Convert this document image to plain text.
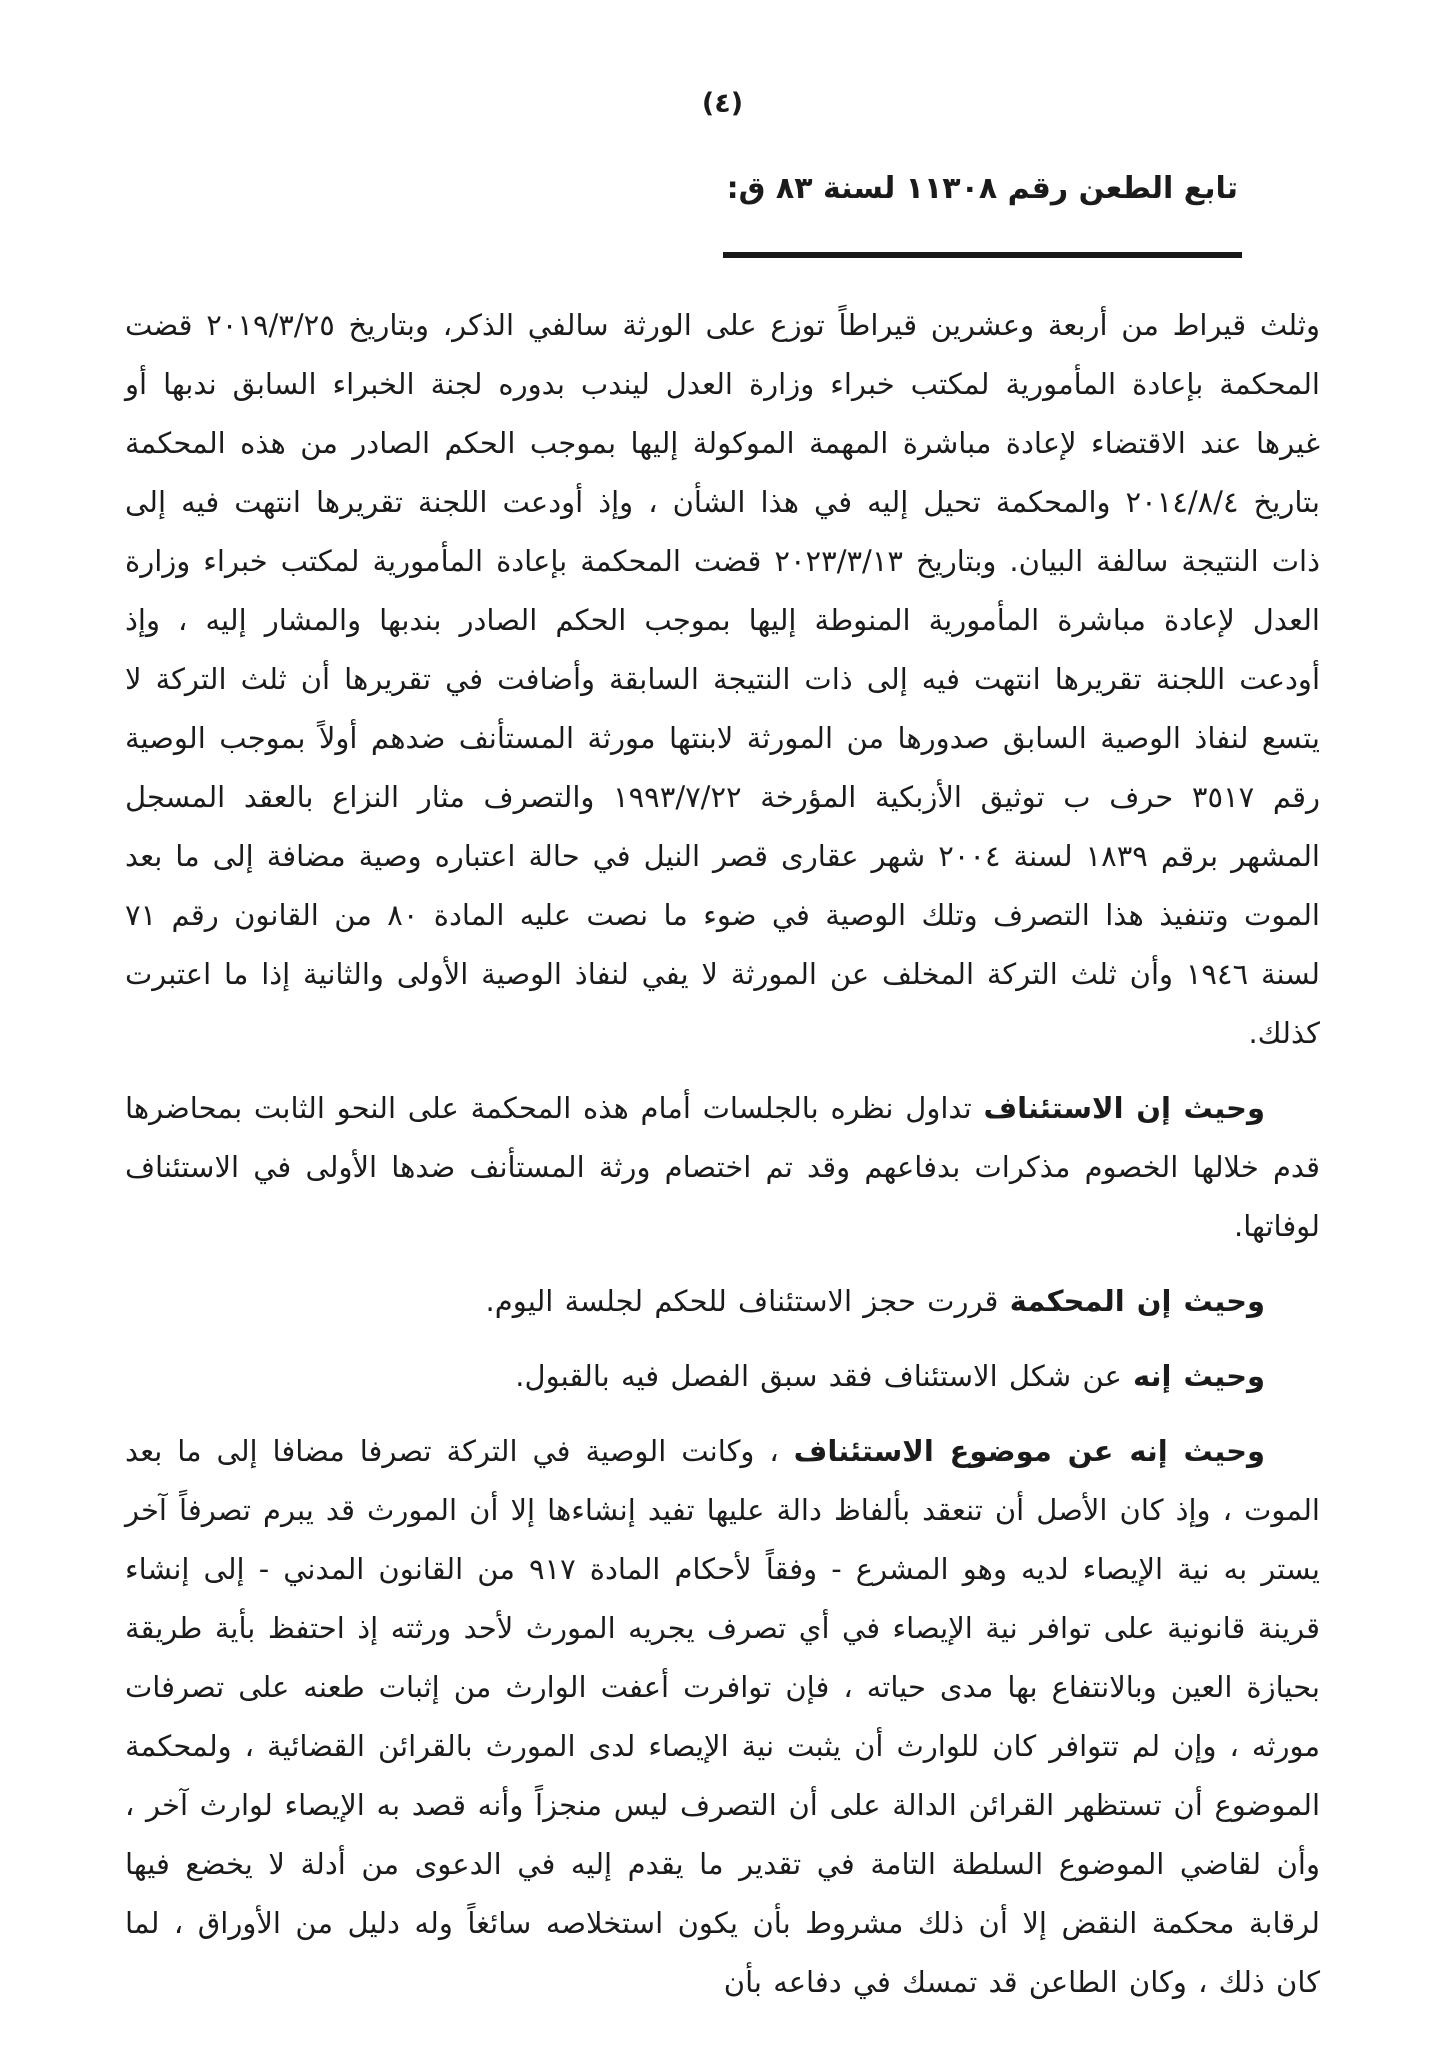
(٤)
تابع الطعن رقم ١١٣٠٨ لسنة ٨٣ ق:

وثلث قيراط من أربعة وعشرين قيراطاً توزع على الورثة سالفي الذكر، وبتاريخ ٢٠١٩/٣/٢٥ قضت المحكمة بإعادة المأمورية لمكتب خبراء وزارة العدل ليندب بدوره لجنة الخبراء السابق ندبها أو غيرها عند الاقتضاء لإعادة مباشرة المهمة الموكولة إليها بموجب الحكم الصادر من هذه المحكمة بتاريخ ٢٠١٤/٨/٤ والمحكمة تحيل إليه في هذا الشأن ، وإذ أودعت اللجنة تقريرها انتهت فيه إلى ذات النتيجة سالفة البيان. وبتاريخ ٢٠٢٣/٣/١٣ قضت المحكمة بإعادة المأمورية لمكتب خبراء وزارة العدل لإعادة مباشرة المأمورية المنوطة إليها بموجب الحكم الصادر بندبها والمشار إليه ، وإذ أودعت اللجنة تقريرها انتهت فيه إلى ذات النتيجة السابقة وأضافت في تقريرها أن ثلث التركة لا يتسع لنفاذ الوصية السابق صدورها من المورثة لابنتها مورثة المستأنف ضدهم أولاً بموجب الوصية رقم ٣٥١٧ حرف ب توثيق الأزبكية المؤرخة ١٩٩٣/٧/٢٢ والتصرف مثار النزاع بالعقد المسجل المشهر برقم ١٨٣٩ لسنة ٢٠٠٤ شهر عقارى قصر النيل في حالة اعتباره وصية مضافة إلى ما بعد الموت وتنفيذ هذا التصرف وتلك الوصية في ضوء ما نصت عليه المادة ٨٠ من القانون رقم ٧١ لسنة ١٩٤٦ وأن ثلث التركة المخلف عن المورثة لا يفي لنفاذ الوصية الأولى والثانية إذا ما اعتبرت كذلك.

وحيث إن الاستئناف تداول نظره بالجلسات أمام هذه المحكمة على النحو الثابت بمحاضرها قدم خلالها الخصوم مذكرات بدفاعهم وقد تم اختصام ورثة المستأنف ضدها الأولى في الاستئناف لوفاتها.

وحيث إن المحكمة قررت حجز الاستئناف للحكم لجلسة اليوم.

وحيث إنه عن شكل الاستئناف فقد سبق الفصل فيه بالقبول.

وحيث إنه عن موضوع الاستئناف ، وكانت الوصية في التركة تصرفا مضافا إلى ما بعد الموت ، وإذ كان الأصل أن تنعقد بألفاظ دالة عليها تفيد إنشاءها إلا أن المورث قد يبرم تصرفاً آخر يستر به نية الإيصاء لديه وهو المشرع - وفقاً لأحكام المادة ٩١٧ من القانون المدني - إلى إنشاء قرينة قانونية على توافر نية الإيصاء في أي تصرف يجريه المورث لأحد ورثته إذ احتفظ بأية طريقة بحيازة العين وبالانتفاع بها مدى حياته ، فإن توافرت أعفت الوارث من إثبات طعنه على تصرفات مورثه ، وإن لم تتوافر كان للوارث أن يثبت نية الإيصاء لدى المورث بالقرائن القضائية ، ولمحكمة الموضوع أن تستظهر القرائن الدالة على أن التصرف ليس منجزاً وأنه قصد به الإيصاء لوارث آخر ، وأن لقاضي الموضوع السلطة التامة في تقدير ما يقدم إليه في الدعوى من أدلة لا يخضع فيها لرقابة محكمة النقض إلا أن ذلك مشروط بأن يكون استخلاصه سائغاً وله دليل من الأوراق ، لما كان ذلك ، وكان الطاعن قد تمسك في دفاعه بأن
